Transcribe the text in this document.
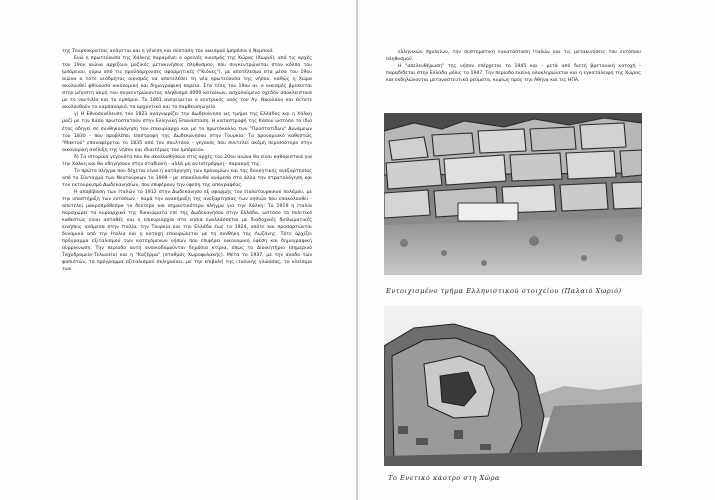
της Τουρκοκρατίας ανάγεται και η γένεση και σύσταση του οικισμού Ιμπρέσια ή Νυμποιό.

Ενώ η πρωτεύουσα της Χάλκης παραμένει ο ορεινός οικισμός της Χώρας (Χωριό), από τις αρχές του 19ου αιώνα αρχίζουν μαζικές μετακινήσεις πληθυσμού, που συγκεντρώνεται στον κόλπο του Ιμπόρειου, γύρω από τις προϋπάρχουσες αφορμητικές ("Κιόνες"), με αποτέλεσμα στα μέσα του 19ου αιώνα ο τότε νεόδμητος οικισμός να αποτελέσει τη νέα πρωτεύουσα της νήσου, καθώς η Χώρα ακολουθεί φθίνουσα οικονομική και δημογραφική πορεία. Στα τέλη του 19ου αι. ο οικισμός βρίσκεται στην μέγιστη ακμή του συγκεντρώνοντας πληθυσμό 4000 κατοίκων, ασχολούμενο σχεδόν αποκλειστικά με το ναυτιλία και το εμπόριο. Το 1861 ανεγείρεται ο κεντρικός ναός του Αγ. Νικολάου και έκτοτε ακολουθούν το καμπαναριό, το αρχοντικό και το παρθεναγωγείο.

γ) Η Εθνοσυνέλευση του 1823 αναγνωρίζει την Δωδεκάνησο ως τμήμα της Ελλάδος και η Χάλκη μαζί με την Κάσο πρωτοστατούν στην Ελληνική Επανάσταση. Η καταστροφή της Κάσου ωστόσο το ίδιο έτος οδηγεί σε συνθηκολόγηση τον επικυρίαρχο και με το πρωτόκολλο των "Προστατίδων" Δυνάμεων του 1830 - που προβλέπει επιστροφή της Δωδεκανήσου στην Τουρκία. Το προνομιακό καθεστώς "Μακτού" επαναφέρεται το 1835 από τον σουλτάνο - γεγονός που συντελεί ακόμη περισσότερο στην οικονομική ανέλιξη της νήσου και ιδιαιτέρως του Ιμπόρειου.

δ) Τα ιστορικά γεγονότα που θα ακολουθήσουν στις αρχές του 20ου αιώνα θα είναι καθοριστικά για την Χάλκη και θα οδηγήσουν στην σταδιακή - αλλά μη αντιστρέψιμη - παρακμή της.

Το πρώτο πλήγμα που δέχεται είναι η κατάργηση των προνομίων και της διοικητικής ανεξαρτησίας από το Σύνταγμα των Νεοτούρκων το 1909 - με επακόλουθα ανάμεσα στα άλλα την στρατολόγηση και τον εκτουρκισμό Δωδεκανησίων, που επιφέρουν την ύφεση της απογραφέας.

Η αποβίβαση των Ιταλών το 1912 στην Δωδεκάνησο εξ αφορμής του Ιταλοτουρκικού πολέμου, με την υποστήριξη των εντοπίων - παρά την ανακήρυξη της ανεξαρτησίας των νησιών που επακολουθεί - αποτελεί μακροπρόθεσμα το δεύτερο και σημαντικότερο πλήγμα για την Χάλκη: Το 1919 η Ιταλία παραχωρεί τα κυριαρχικά της δικαιώματα επί της Δωδεκανήσου στην Ελλάδα, ωστόσο το πολιτικό καθεστώς είναι ασταθές και η επικυριαρχία στα νησιά εναλλάσσεται με διαδοχικές διπλωματικές κινήσεις ανάμεσα στην Ιταλία, την Τουρκία και την Ελλάδα έως το 1924, οπότε και προσαρτώνται δυναμικά από την Ιταλία και η κατοχή επικυρώνεται με τη συνθήκη της Λωζάνης. Τότε αρχίζει πρόγραμμα εξιταλισμού των κατεχόμενων νήσων που επιφέρει οικονομική ύφεση και δημογραφική συρρίκνωση. Την περίοδο αυτή ανοικοδομούνται δημόσια κτίρια, όπως το Διοικητήριο (σημερινό Ταχυδρομείο-Τελωνείο) και η "Καζέρμα" (σταθμός Χωροφυλακής). Μετά το 1937, με την άνοδο των φασιστών, το πρόγραμμα εξιταλισμού σκληραίνει, με την επιβολή της ιταλικής γλώσσας, το κλείσιμο των

ελληνικών σχολείων, την συστηματική εγκατάσταση Ιταλών και τις μετακινήσεις του εντόπιου πληθυσμού.

Η "απελευθέρωση" της νήσου επέρχεται το 1945 και - μετά από διετή βρετανική κατοχή - παραδίδεται στην Ελλάδα μόλις το 1947. Την περίοδο εκείνη ολοκληρώνεται και η εγκατάλειψη της Χώρας και εκδηλώνονται μεταναστευτικά ρεύματα, κυρίως προς την Αθήνα και τις ΗΠΑ.

Εντοιχισμένο τμήμα Ελληνιστικού στοιχείου (Παλαιό Χωριό)
Το Ενετικό κάστρο στη Χώρα
